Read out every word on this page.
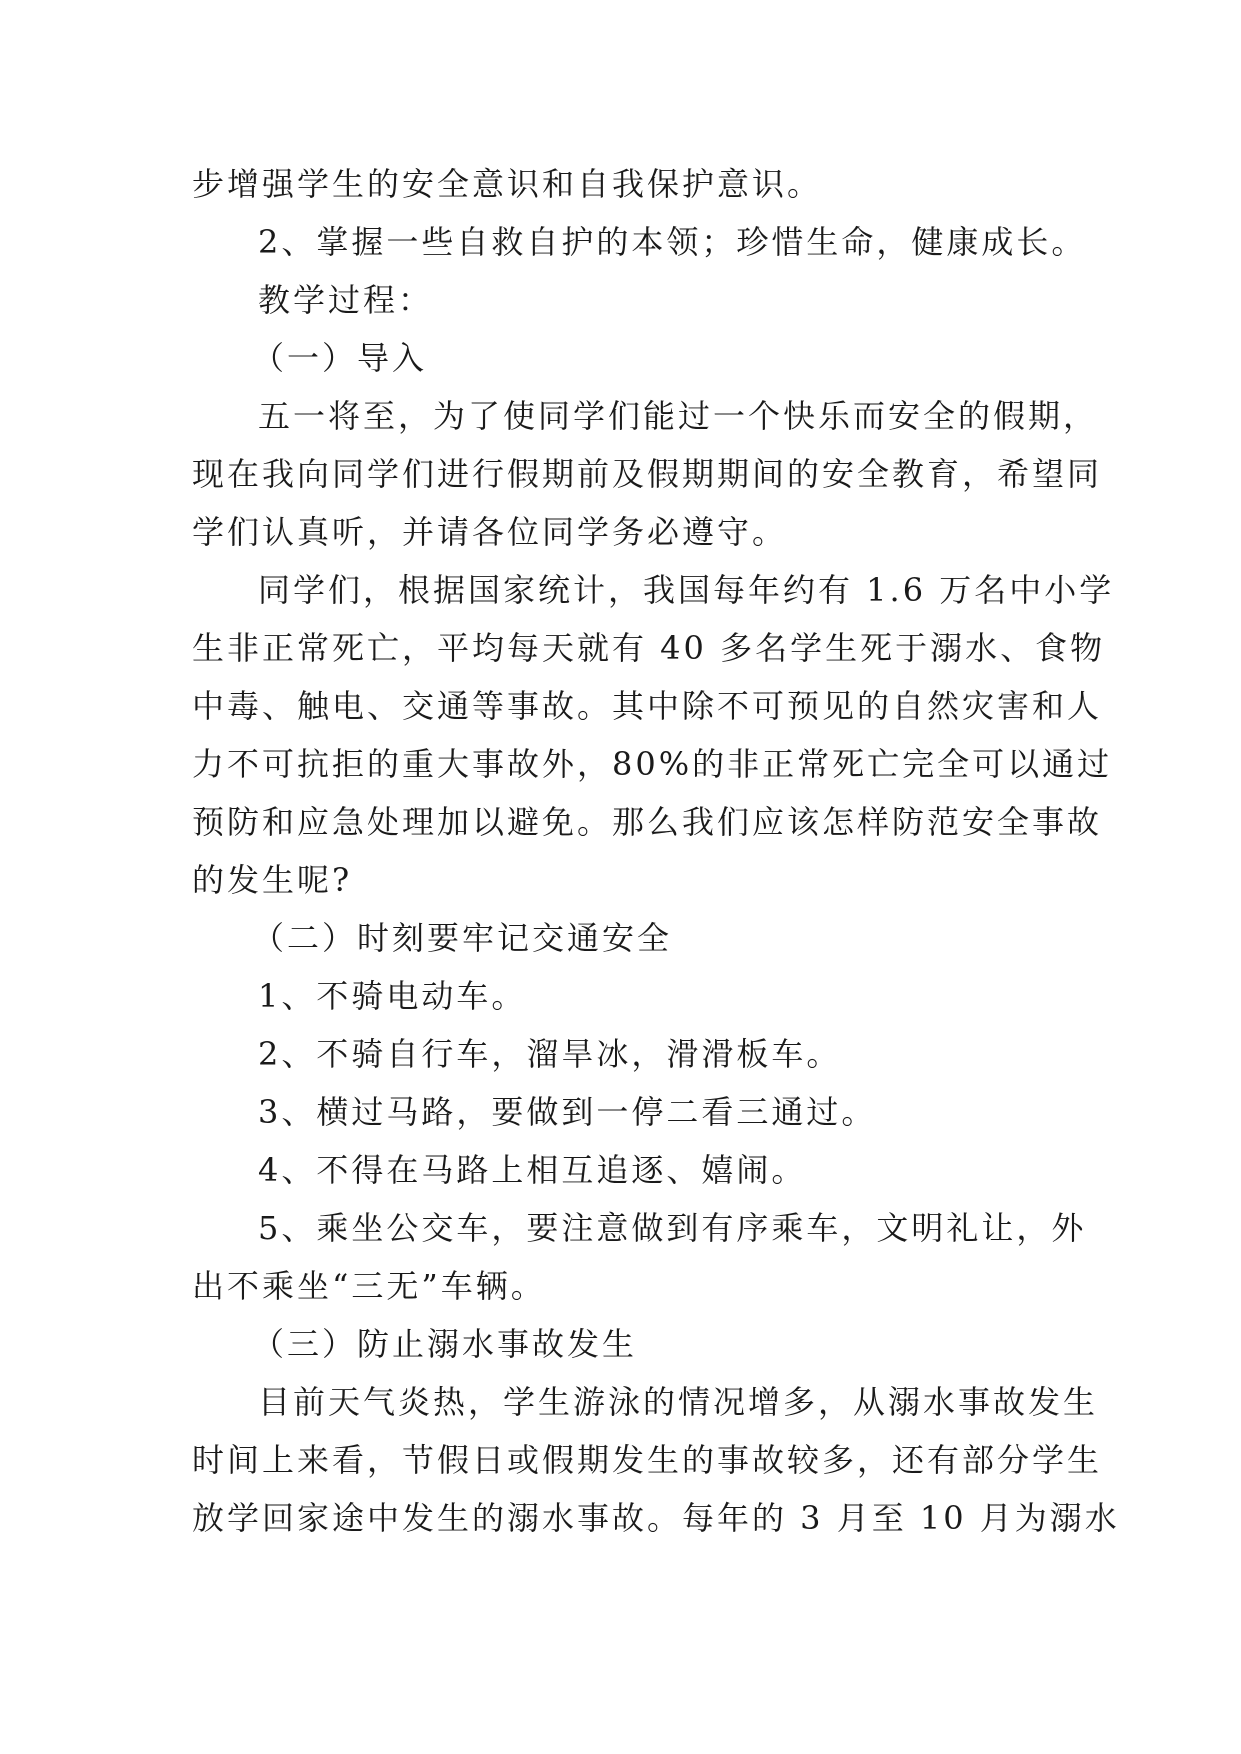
步增强学生的安全意识和自我保护意识。
2、掌握一些自救自护的本领；珍惜生命，健康成长。
教学过程：
（一）导入
五一将至，为了使同学们能过一个快乐而安全的假期，
现在我向同学们进行假期前及假期期间的安全教育，希望同
学们认真听，并请各位同学务必遵守。
同学们，根据国家统计，我国每年约有 1.6 万名中小学
生非正常死亡，平均每天就有 40 多名学生死于溺水、食物
中毒、触电、交通等事故。其中除不可预见的自然灾害和人
力不可抗拒的重大事故外，80%的非正常死亡完全可以通过
预防和应急处理加以避免。那么我们应该怎样防范安全事故
的发生呢?
（二）时刻要牢记交通安全
1、不骑电动车。
2、不骑自行车，溜旱冰，滑滑板车。
3、横过马路，要做到一停二看三通过。
4、不得在马路上相互追逐、嬉闹。
5、乘坐公交车，要注意做到有序乘车，文明礼让，外
出不乘坐“三无”车辆。
（三）防止溺水事故发生
目前天气炎热，学生游泳的情况增多，从溺水事故发生
时间上来看，节假日或假期发生的事故较多，还有部分学生
放学回家途中发生的溺水事故。每年的 3 月至 10 月为溺水
